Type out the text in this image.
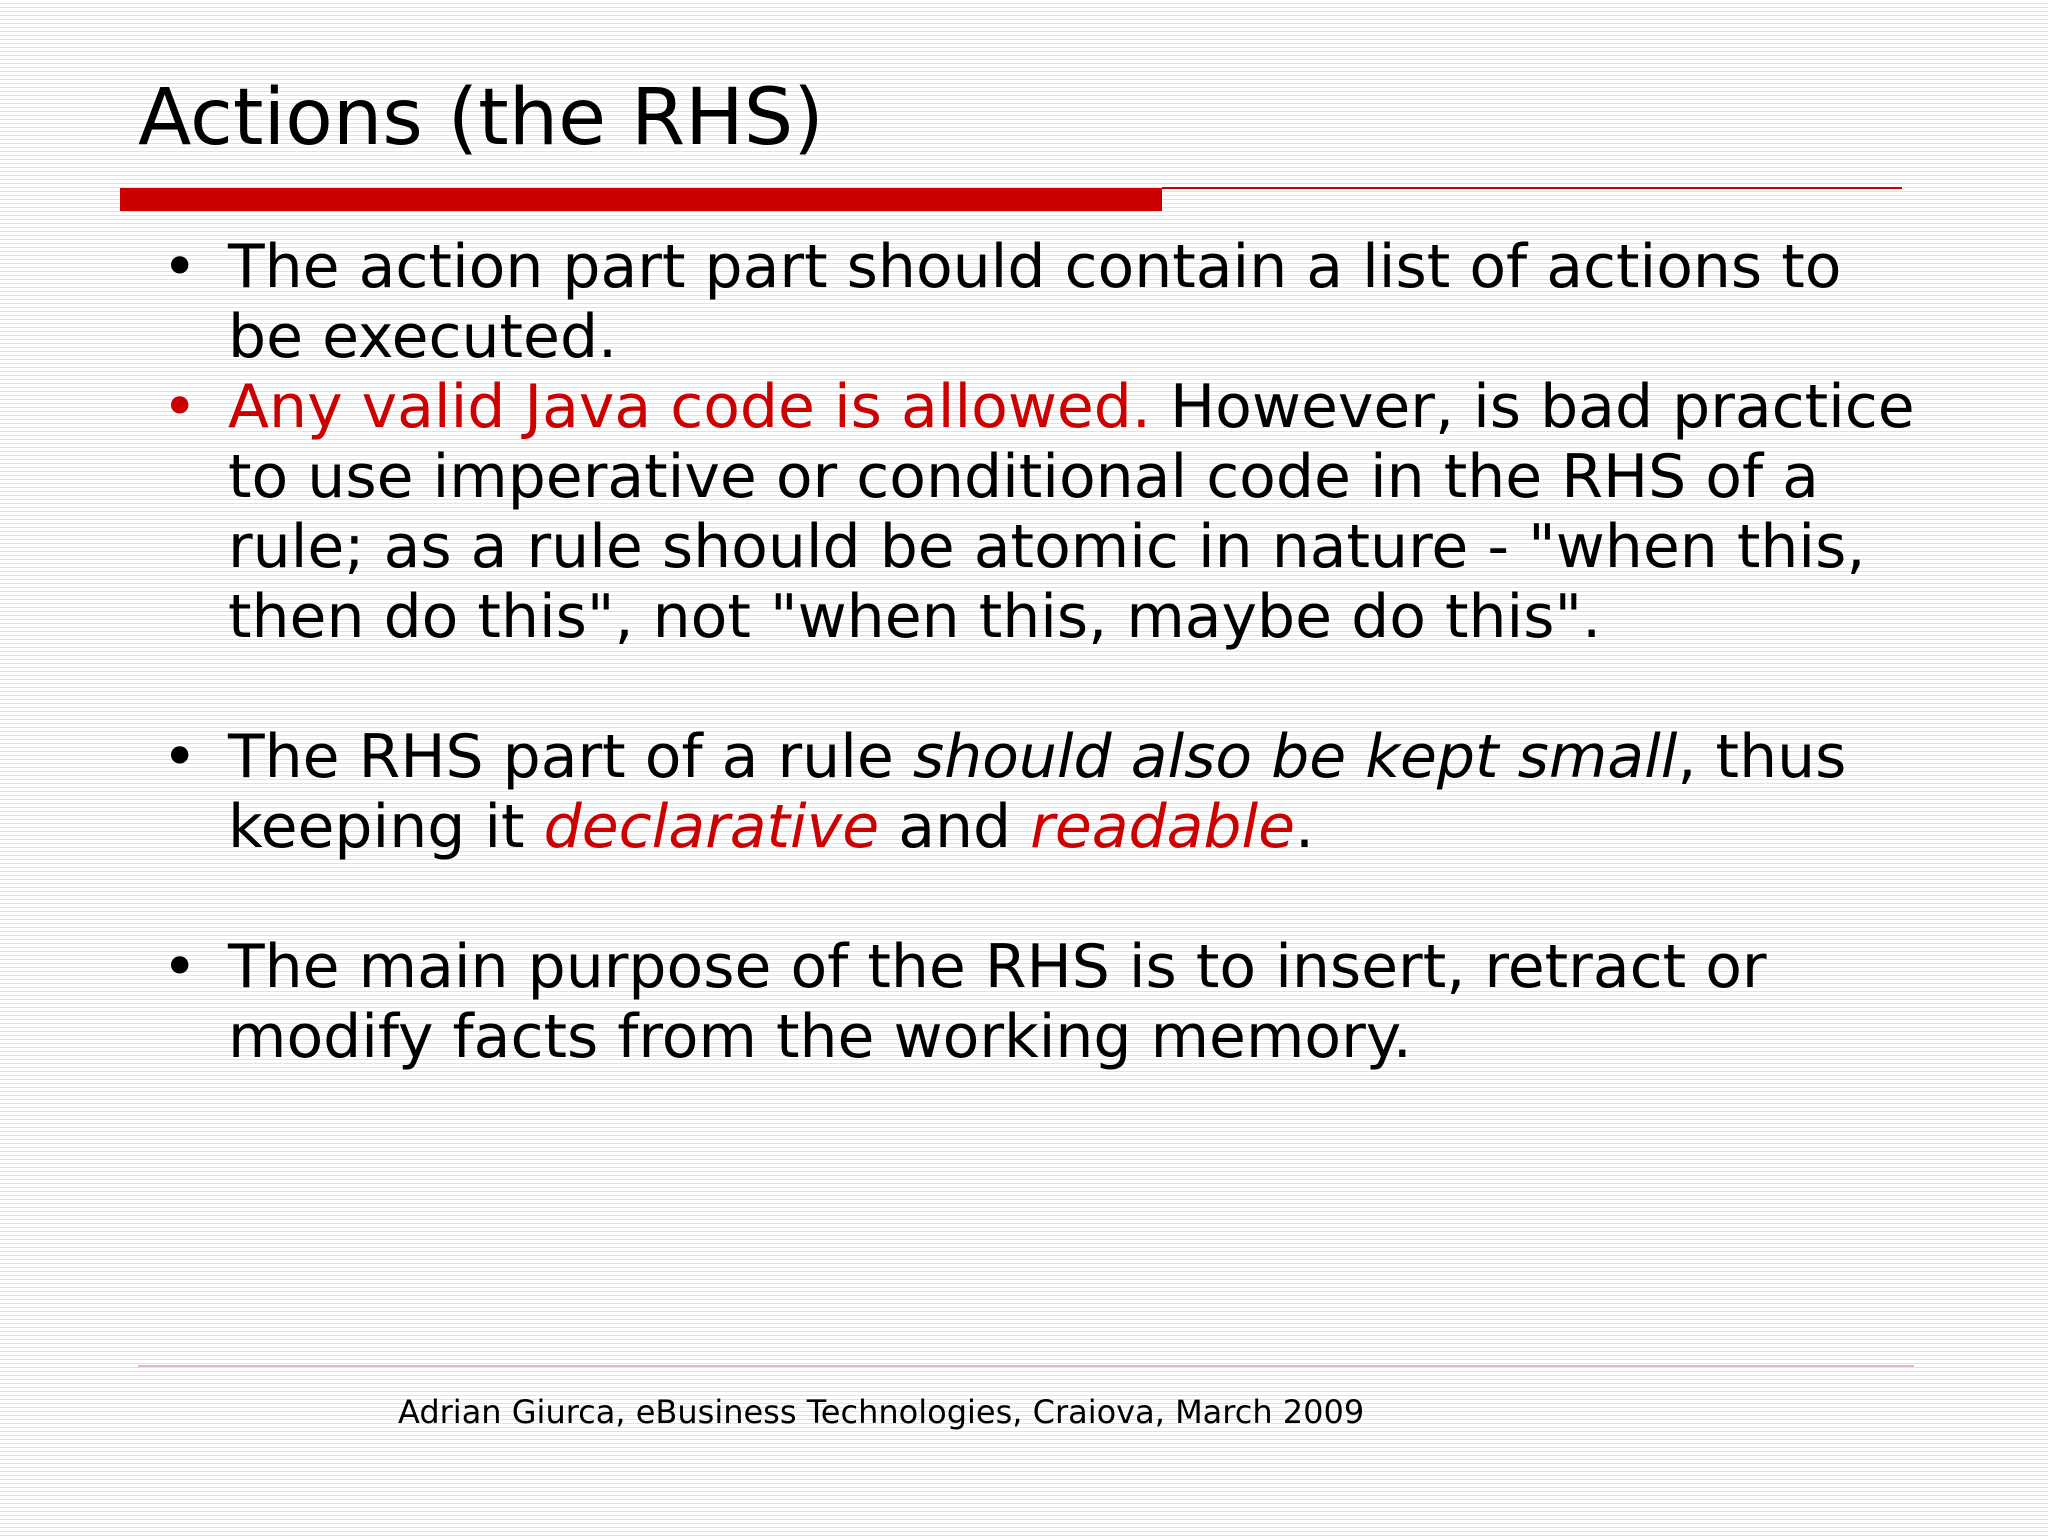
Actions (the RHS)
• The action part part should contain a list of actions to be executed.
• Any valid Java code is allowed. However, is bad practice to use imperative or conditional code in the RHS of a rule; as a rule should be atomic in nature - "when this, then do this", not "when this, maybe do this".
• The RHS part of a rule should also be kept small, thus keeping it declarative and readable.
• The main purpose of the RHS is to insert, retract or modify facts from the working memory.
Adrian Giurca, eBusiness Technologies, Craiova, March 2009
